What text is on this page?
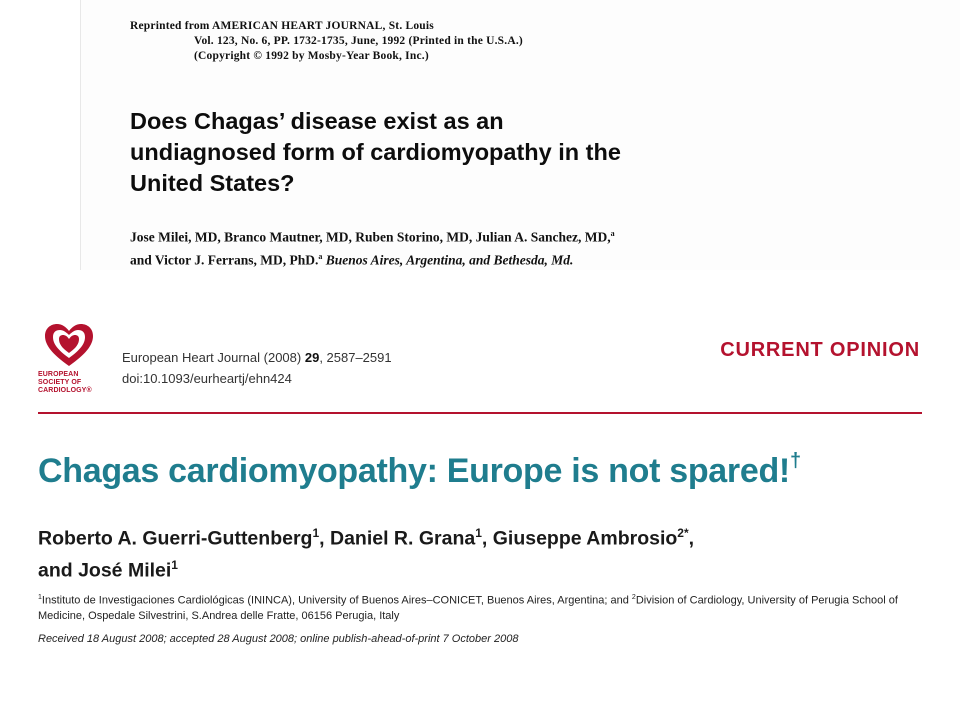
Reprinted from AMERICAN HEART JOURNAL, St. Louis
Vol. 123, No. 6, PP. 1732-1735, June, 1992 (Printed in the U.S.A.)
(Copyright © 1992 by Mosby-Year Book, Inc.)
Does Chagas’ disease exist as an
undiagnosed form of cardiomyopathy in the
United States?
Jose Milei, MD, Branco Mautner, MD, Ruben Storino, MD, Julian A. Sanchez, MD,$^a$
and Victor J. Ferrans, MD, PhD.$^a$ Buenos Aires, Argentina, and Bethesda, Md.
EUROPEAN
SOCIETY OF
CARDIOLOGY®
European Heart Journal (2008) 29, 2587–2591
doi:10.1093/eurheartj/ehn424
CURRENT OPINION
Chagas cardiomyopathy: Europe is not spared!†
Roberto A. Guerri-Guttenberg$^1$, Daniel R. Grana$^1$, Giuseppe Ambrosio$^{2*}$,
and José Milei$^1$
$^1$Instituto de Investigaciones Cardiológicas (ININCA), University of Buenos Aires–CONICET, Buenos Aires, Argentina; and $^2$Division of Cardiology, University of Perugia School of Medicine, Ospedale Silvestrini, S.Andrea delle Fratte, 06156 Perugia, Italy
Received 18 August 2008; accepted 28 August 2008; online publish-ahead-of-print 7 October 2008
